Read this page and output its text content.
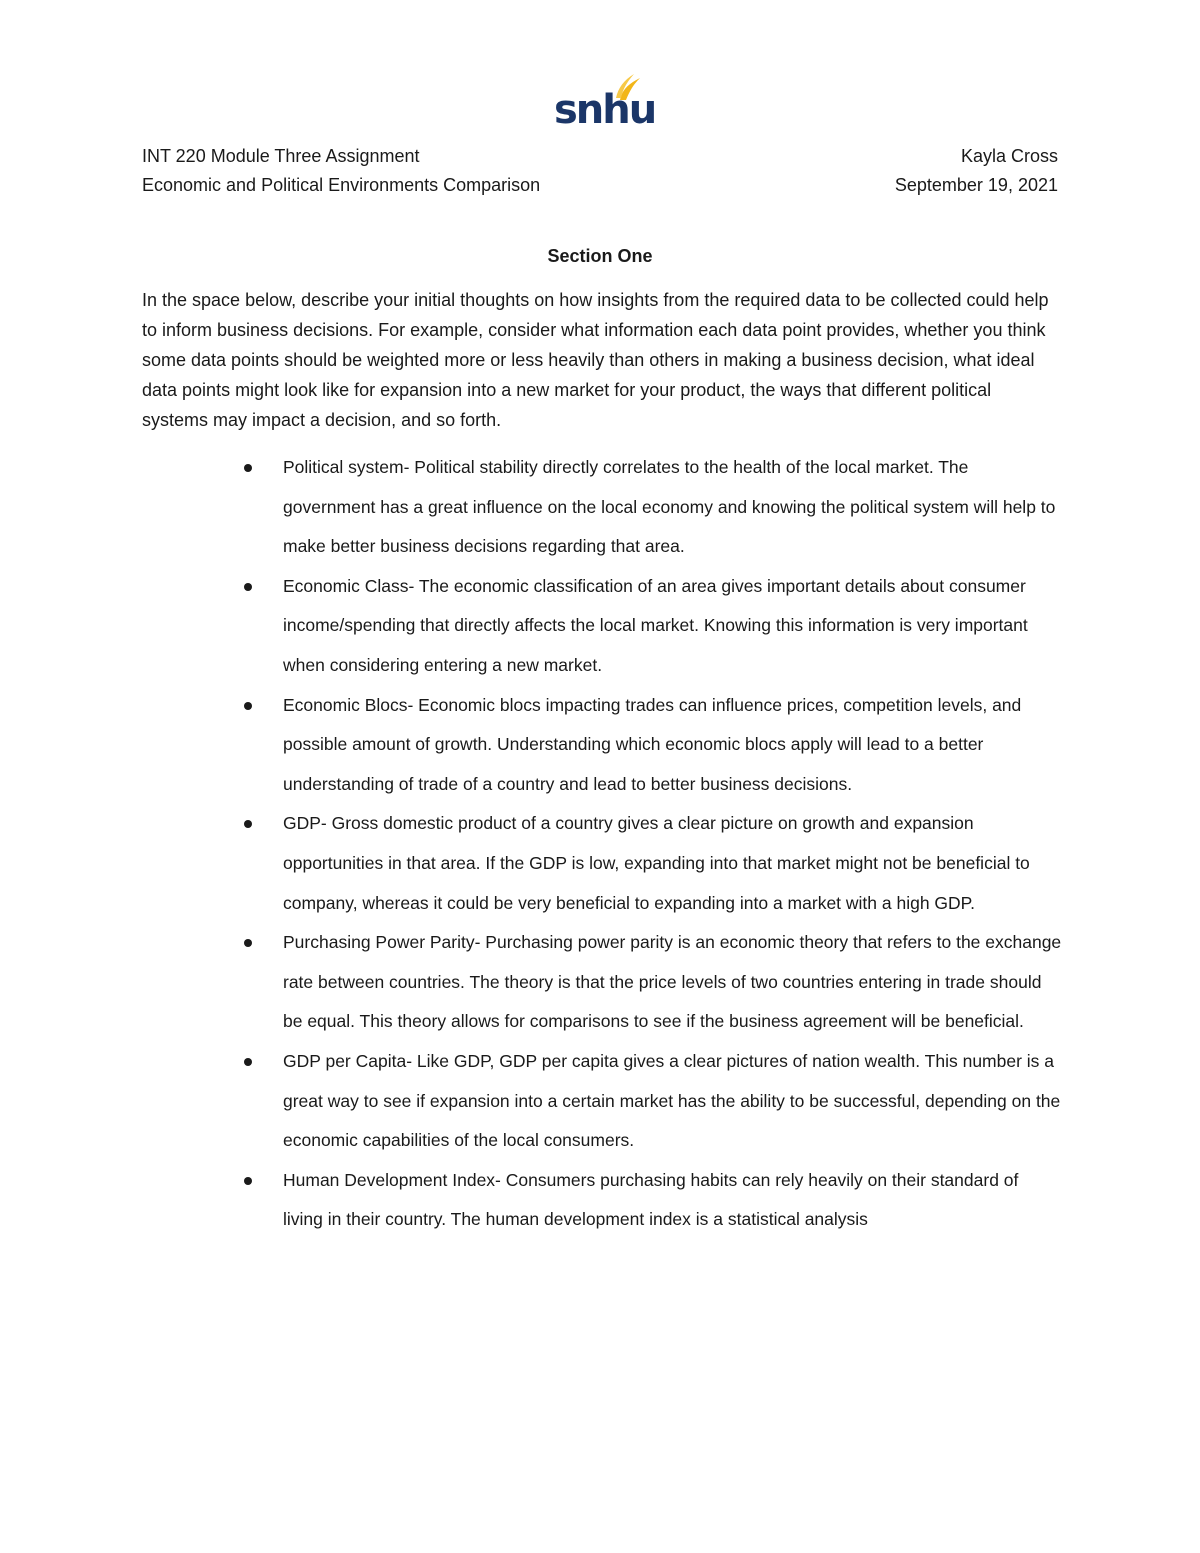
snhu
INT 220 Module Three Assignment	Kayla Cross
Economic and Political Environments Comparison	September 19, 2021
Section One

In the space below, describe your initial thoughts on how insights from the required data to be collected could help to inform business decisions. For example, consider what information each data point provides, whether you think some data points should be weighted more or less heavily than others in making a business decision, what ideal data points might look like for expansion into a new market for your product, the ways that different political systems may impact a decision, and so forth.

Political system- Political stability directly correlates to the health of the local market. The government has a great influence on the local economy and knowing the political system will help to make better business decisions regarding that area.
Economic Class- The economic classification of an area gives important details about consumer income/spending that directly affects the local market. Knowing this information is very important when considering entering a new market.
Economic Blocs- Economic blocs impacting trades can influence prices, competition levels, and possible amount of growth. Understanding which economic blocs apply will lead to a better understanding of trade of a country and lead to better business decisions.
GDP- Gross domestic product of a country gives a clear picture on growth and expansion opportunities in that area. If the GDP is low, expanding into that market might not be beneficial to company, whereas it could be very beneficial to expanding into a market with a high GDP.
Purchasing Power Parity- Purchasing power parity is an economic theory that refers to the exchange rate between countries. The theory is that the price levels of two countries entering in trade should be equal. This theory allows for comparisons to see if the business agreement will be beneficial.
GDP per Capita- Like GDP, GDP per capita gives a clear pictures of nation wealth. This number is a great way to see if expansion into a certain market has the ability to be successful, depending on the economic capabilities of the local consumers.
Human Development Index- Consumers purchasing habits can rely heavily on their standard of living in their country. The human development index is a statistical analysis
